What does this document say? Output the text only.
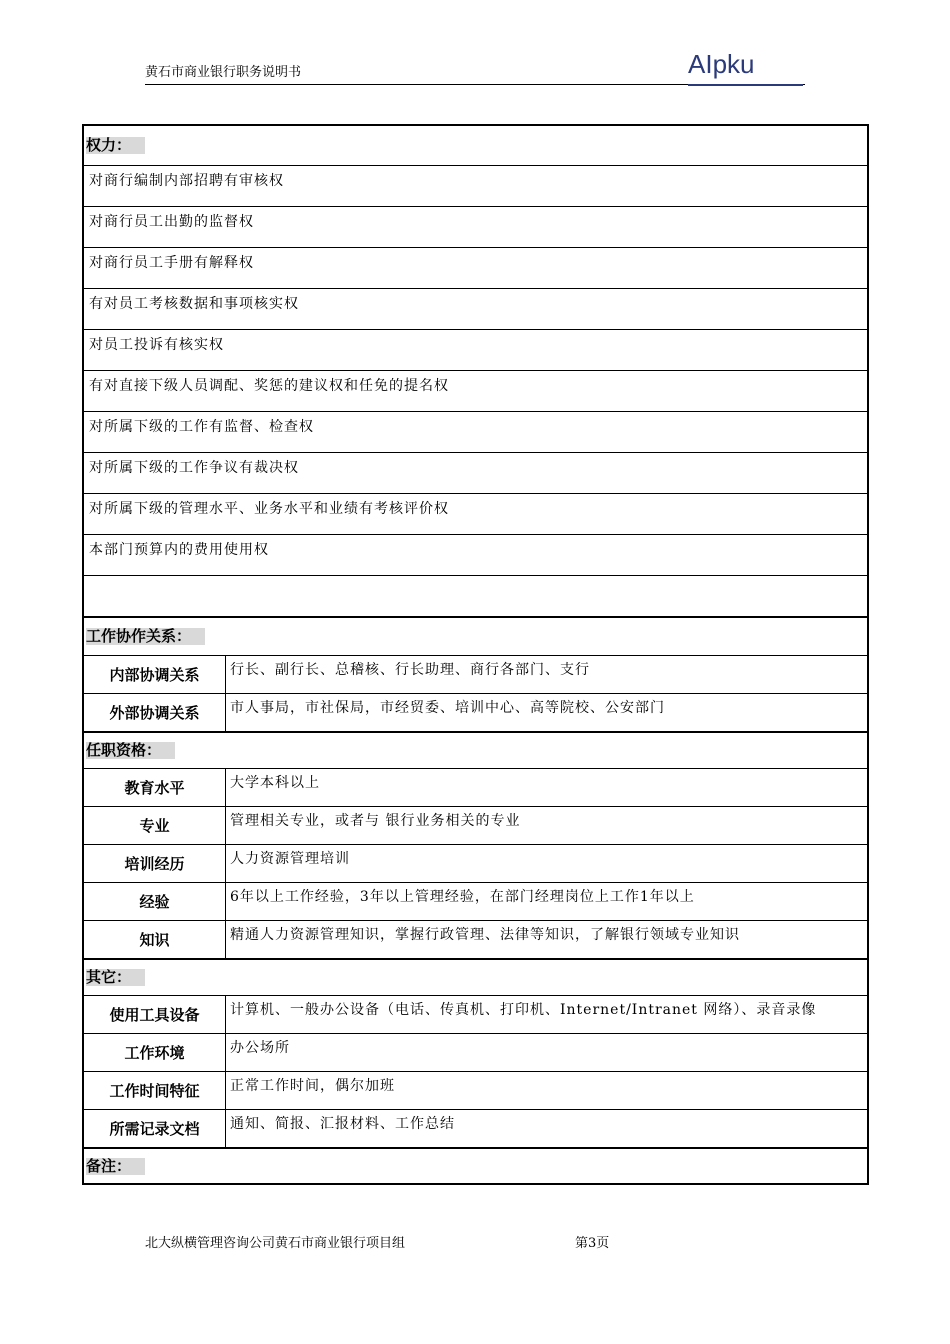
黄石市商业银行职务说明书	AIpku
权力：
对商行编制内部招聘有审核权
对商行员工出勤的监督权
对商行员工手册有解释权
有对员工考核数据和事项核实权
对员工投诉有核实权
有对直接下级人员调配、奖惩的建议权和任免的提名权
对所属下级的工作有监督、检查权
对所属下级的工作争议有裁决权
对所属下级的管理水平、业务水平和业绩有考核评价权
本部门预算内的费用使用权
工作协作关系：
内部协调关系	行长、副行长、总稽核、行长助理、商行各部门、支行
外部协调关系	市人事局，市社保局，市经贸委、培训中心、高等院校、公安部门
任职资格：
教育水平	大学本科以上
专业	管理相关专业，或者与 银行业务相关的专业
培训经历	人力资源管理培训
经验	6年以上工作经验，3年以上管理经验，在部门经理岗位上工作1年以上
知识	精通人力资源管理知识，掌握行政管理、法律等知识，了解银行领域专业知识
其它：
使用工具设备	计算机、一般办公设备（电话、传真机、打印机、Internet/Intranet 网络）、录音录像
工作环境	办公场所
工作时间特征	正常工作时间，偶尔加班
所需记录文档	通知、简报、汇报材料、工作总结
备注：
北大纵横管理咨询公司黄石市商业银行项目组	第3页
